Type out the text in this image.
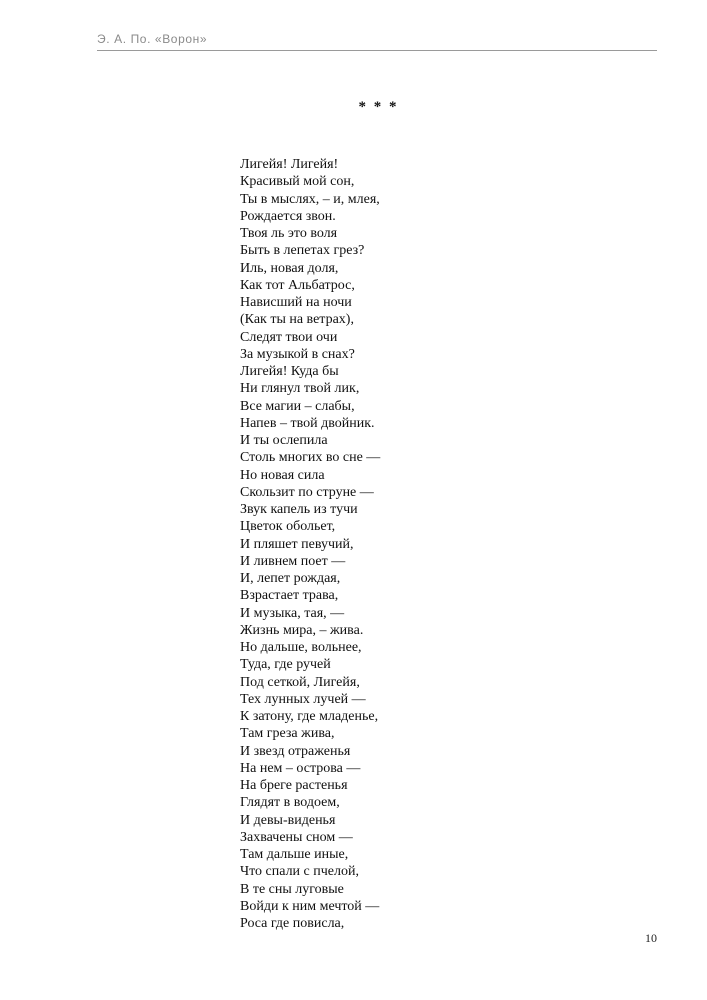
Э. А. По. «Ворон»
* * *
Лигейя! Лигейя!
Красивый мой сон,
Ты в мыслях, – и, млея,
Рождается звон.
Твоя ль это воля
Быть в лепетах грез?
Иль, новая доля,
Как тот Альбатрос,
Нависший на ночи
(Как ты на ветрах),
Следят твои очи
За музыкой в снах?
Лигейя! Куда бы
Ни глянул твой лик,
Все магии – слабы,
Напев – твой двойник.
И ты ослепила
Столь многих во сне —
Но новая сила
Скользит по струне —
Звук капель из тучи
Цветок обольет,
И пляшет певучий,
И ливнем поет —
И, лепет рождая,
Взрастает трава,
И музыка, тая, —
Жизнь мира, – жива.
Но дальше, вольнее,
Туда, где ручей
Под сеткой, Лигейя,
Тех лунных лучей —
К затону, где младенье,
Там греза жива,
И звезд отраженья
На нем – острова —
На бреге растенья
Глядят в водоем,
И девы-виденья
Захвачены сном —
Там дальше иные,
Что спали с пчелой,
В те сны луговые
Войди к ним мечтой —
Роса где повисла,
10
